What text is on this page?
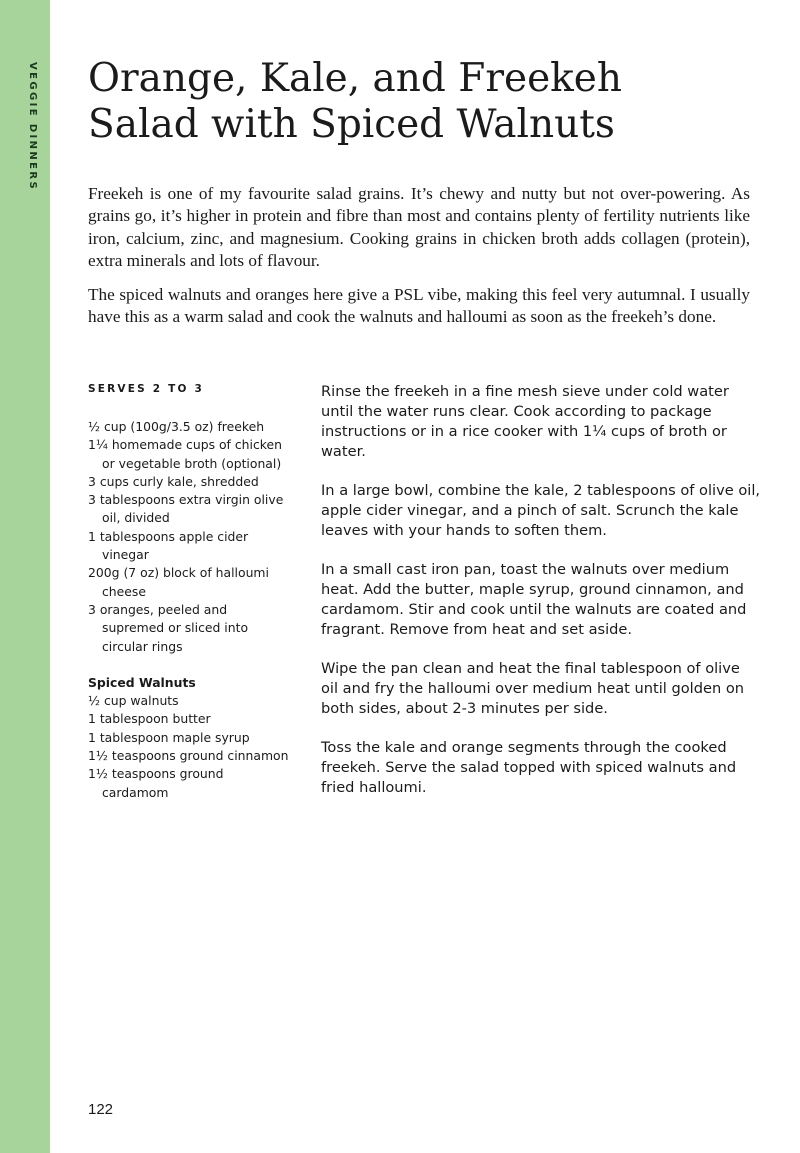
VEGGIE DINNERS Orange, Kale, and Freekeh
Salad with Spiced Walnuts

Freekeh is one of my favourite salad grains. It’s chewy and nutty but not over-powering. As grains go, it’s higher in protein and fibre than most and contains plenty of fertility nutrients like iron, calcium, zinc, and magnesium. Cooking grains in chicken broth adds collagen (protein), extra minerals and lots of flavour.

The spiced walnuts and oranges here give a PSL vibe, making this feel very autumnal. I usually have this as a warm salad and cook the walnuts and halloumi as soon as the freekeh’s done.

SERVES 2 TO 3
½ cup (100g/3.5 oz) freekeh
1¼ homemade cups of chicken or vegetable broth (optional)
3 cups curly kale, shredded
3 tablespoons extra virgin olive oil, divided
1 tablespoons apple cider vinegar
200g (7 oz) block of halloumi cheese
3 oranges, peeled and supremed or sliced into circular rings
Spiced Walnuts
½ cup walnuts
1 tablespoon butter
1 tablespoon maple syrup
1½ teaspoons ground cinnamon
1½ teaspoons ground cardamom

Rinse the freekeh in a fine mesh sieve under cold water until the water runs clear. Cook according to package instructions or in a rice cooker with 1¼ cups of broth or water.

In a large bowl, combine the kale, 2 tablespoons of olive oil, apple cider vinegar, and a pinch of salt. Scrunch the kale leaves with your hands to soften them.

In a small cast iron pan, toast the walnuts over medium heat. Add the butter, maple syrup, ground cinnamon, and cardamom. Stir and cook until the walnuts are coated and fragrant. Remove from heat and set aside.

Wipe the pan clean and heat the final tablespoon of olive oil and fry the halloumi over medium heat until golden on both sides, about 2-3 minutes per side.

Toss the kale and orange segments through the cooked freekeh. Serve the salad topped with spiced walnuts and fried halloumi.

122
